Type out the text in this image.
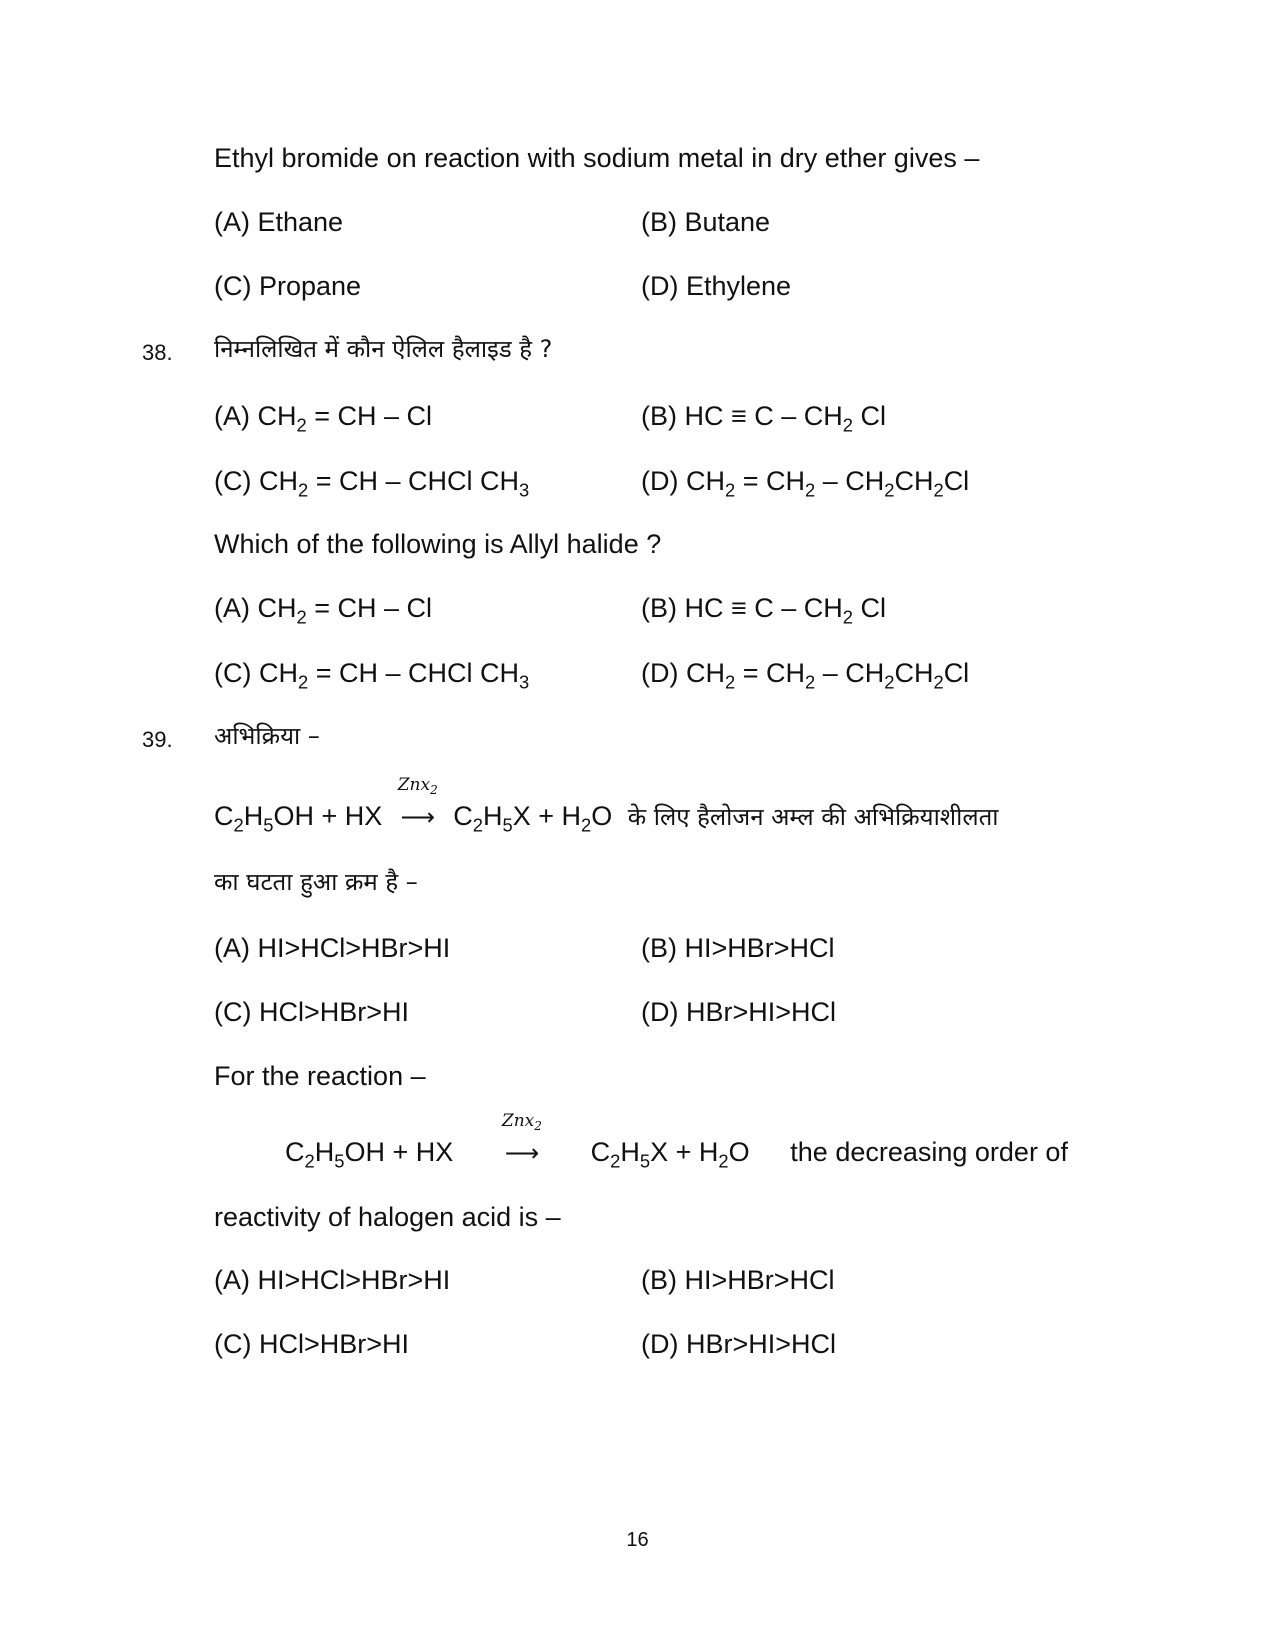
Ethyl bromide on reaction with sodium metal in dry ether gives –
(A) Ethane	(B) Butane
(C) Propane	(D) Ethylene
38. निम्नलिखित में कौन ऐलिल हैलाइड है ?
(A) $CH_2$ = CH – Cl	(B) HC ≡ C – $CH_2$ Cl
(C) $CH_2$ = CH – CHCl $CH_3$	(D) $CH_2 = CH_2 - CH_2CH_2Cl$
Which of the following is Allyl halide ?
(A) $CH_2$ = CH – Cl	(B) HC ≡ C – $CH_2$ Cl
(C) $CH_2$ = CH – CHCl $CH_3$	(D) $CH_2 = CH_2 - CH_2CH_2Cl$
39. अभिक्रिया –
$C_2H_5OH$ + HX
Znx$_2$
⟶ $C_2H_5X + H_2O$ के लिए हैलोजन अम्ल की अभिक्रियाशीलता
का घटता हुआ क्रम है –
(A) HI>HCl>HBr>HI	(B) HI>HBr>HCl
(C) HCl>HBr>HI	(D) HBr>HI>HCl
For the reaction –
$C_2H_5OH$ + HX
Znx$_2$
⟶ $C_2H_5X + H_2O$ the decreasing order of
reactivity of halogen acid is –
(A) HI>HCl>HBr>HI	(B) HI>HBr>HCl
(C) HCl>HBr>HI	(D) HBr>HI>HCl
16
